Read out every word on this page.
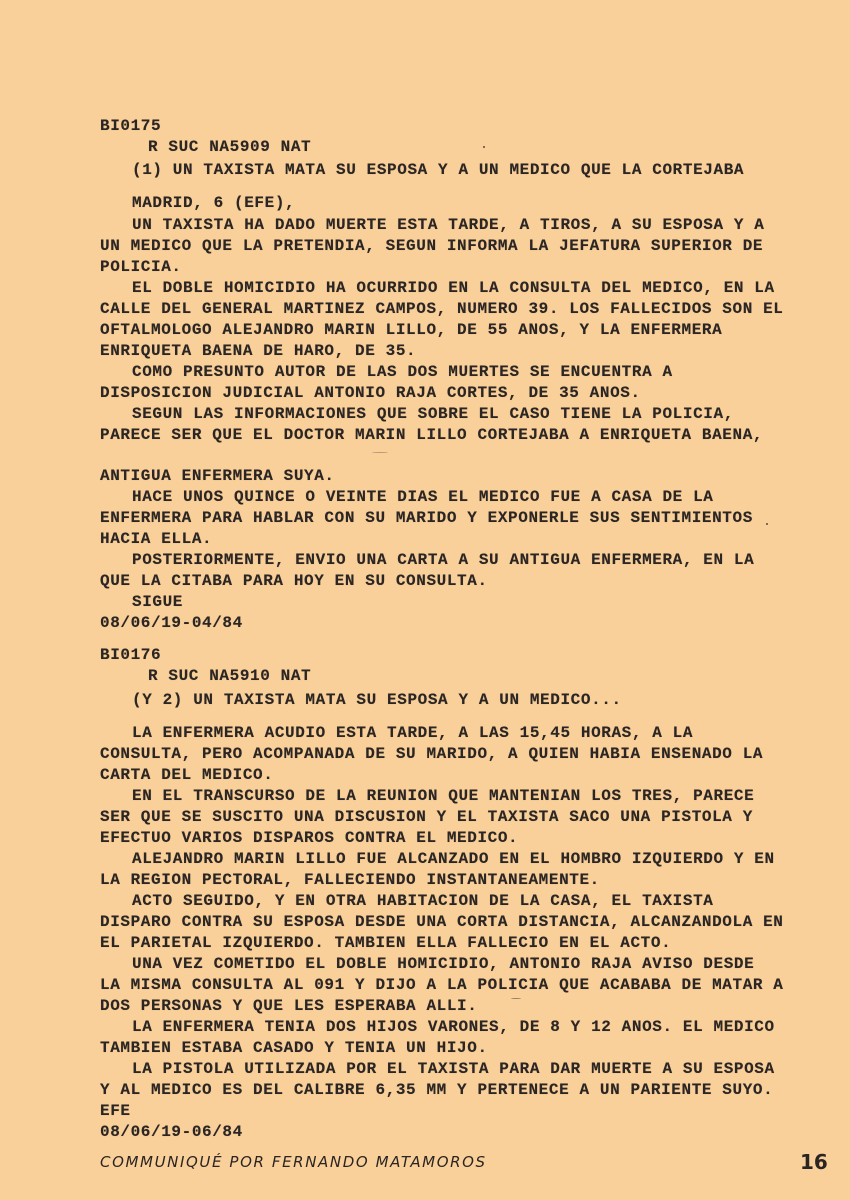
BI0175
R SUC NA5909 NAT
(1) UN TAXISTA MATA SU ESPOSA Y A UN MEDICO QUE LA CORTEJABA
MADRID, 6 (EFE),
UN TAXISTA HA DADO MUERTE ESTA TARDE, A TIROS, A SU ESPOSA Y A
UN MEDICO QUE LA PRETENDIA, SEGUN INFORMA LA JEFATURA SUPERIOR DE
POLICIA.
EL DOBLE HOMICIDIO HA OCURRIDO EN LA CONSULTA DEL MEDICO, EN LA
CALLE DEL GENERAL MARTINEZ CAMPOS, NUMERO 39. LOS FALLECIDOS SON EL
OFTALMOLOGO ALEJANDRO MARIN LILLO, DE 55 ANOS, Y LA ENFERMERA
ENRIQUETA BAENA DE HARO, DE 35.
COMO PRESUNTO AUTOR DE LAS DOS MUERTES SE ENCUENTRA A
DISPOSICION JUDICIAL ANTONIO RAJA CORTES, DE 35 ANOS.
SEGUN LAS INFORMACIONES QUE SOBRE EL CASO TIENE LA POLICIA,
PARECE SER QUE EL DOCTOR MARIN LILLO CORTEJABA A ENRIQUETA BAENA,
ANTIGUA ENFERMERA SUYA.
HACE UNOS QUINCE O VEINTE DIAS EL MEDICO FUE A CASA DE LA
ENFERMERA PARA HABLAR CON SU MARIDO Y EXPONERLE SUS SENTIMIENTOS
HACIA ELLA.
POSTERIORMENTE, ENVIO UNA CARTA A SU ANTIGUA ENFERMERA, EN LA
QUE LA CITABA PARA HOY EN SU CONSULTA.
SIGUE
08/06/19-04/84
BI0176
R SUC NA5910 NAT
(Y 2) UN TAXISTA MATA SU ESPOSA Y A UN MEDICO...
LA ENFERMERA ACUDIO ESTA TARDE, A LAS 15,45 HORAS, A LA
CONSULTA, PERO ACOMPANADA DE SU MARIDO, A QUIEN HABIA ENSENADO LA
CARTA DEL MEDICO.
EN EL TRANSCURSO DE LA REUNION QUE MANTENIAN LOS TRES, PARECE
SER QUE SE SUSCITO UNA DISCUSION Y EL TAXISTA SACO UNA PISTOLA Y
EFECTUO VARIOS DISPAROS CONTRA EL MEDICO.
ALEJANDRO MARIN LILLO FUE ALCANZADO EN EL HOMBRO IZQUIERDO Y EN
LA REGION PECTORAL, FALLECIENDO INSTANTANEAMENTE.
ACTO SEGUIDO, Y EN OTRA HABITACION DE LA CASA, EL TAXISTA
DISPARO CONTRA SU ESPOSA DESDE UNA CORTA DISTANCIA, ALCANZANDOLA EN
EL PARIETAL IZQUIERDO. TAMBIEN ELLA FALLECIO EN EL ACTO.
UNA VEZ COMETIDO EL DOBLE HOMICIDIO, ANTONIO RAJA AVISO DESDE
LA MISMA CONSULTA AL 091 Y DIJO A LA POLICIA QUE ACABABA DE MATAR A
DOS PERSONAS Y QUE LES ESPERABA ALLI.
LA ENFERMERA TENIA DOS HIJOS VARONES, DE 8 Y 12 ANOS. EL MEDICO
TAMBIEN ESTABA CASADO Y TENIA UN HIJO.
LA PISTOLA UTILIZADA POR EL TAXISTA PARA DAR MUERTE A SU ESPOSA
Y AL MEDICO ES DEL CALIBRE 6,35 MM Y PERTENECE A UN PARIENTE SUYO.
EFE
08/06/19-06/84
COMMUNIQUÉ POR FERNANDO MATAMOROS	16
